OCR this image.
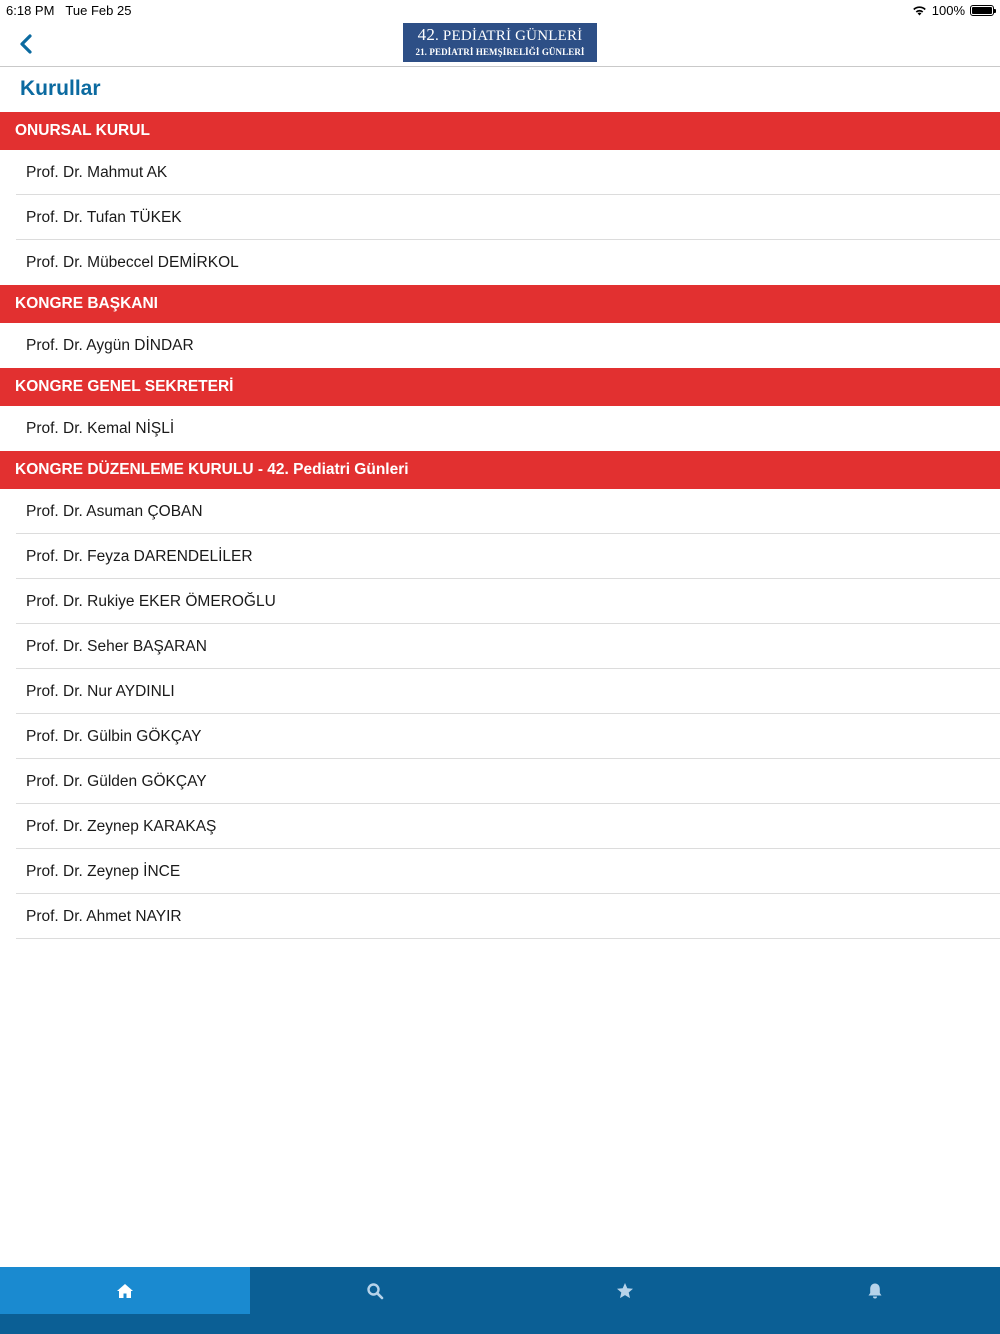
6:18 PM Tue Feb 25	100%
42. PEDİATRİ GÜNLERİ
21. PEDİATRİ HEMŞİRELİĞİ GÜNLERİ
Kurullar
ONURSAL KURUL
Prof. Dr. Mahmut AK
Prof. Dr. Tufan TÜKEK
Prof. Dr. Mübeccel DEMİRKOL
KONGRE BAŞKANI
Prof. Dr. Aygün DİNDAR
KONGRE GENEL SEKRETERİ
Prof. Dr. Kemal NİŞLİ
KONGRE DÜZENLEME KURULU - 42. Pediatri Günleri
Prof. Dr. Asuman ÇOBAN
Prof. Dr. Feyza DARENDELİLER
Prof. Dr. Rukiye EKER ÖMEROĞLU
Prof. Dr. Seher BAŞARAN
Prof. Dr. Nur AYDINLI
Prof. Dr. Gülbin GÖKÇAY
Prof. Dr. Gülden GÖKÇAY
Prof. Dr. Zeynep KARAKAŞ
Prof. Dr. Zeynep İNCE
Prof. Dr. Ahmet NAYIR
